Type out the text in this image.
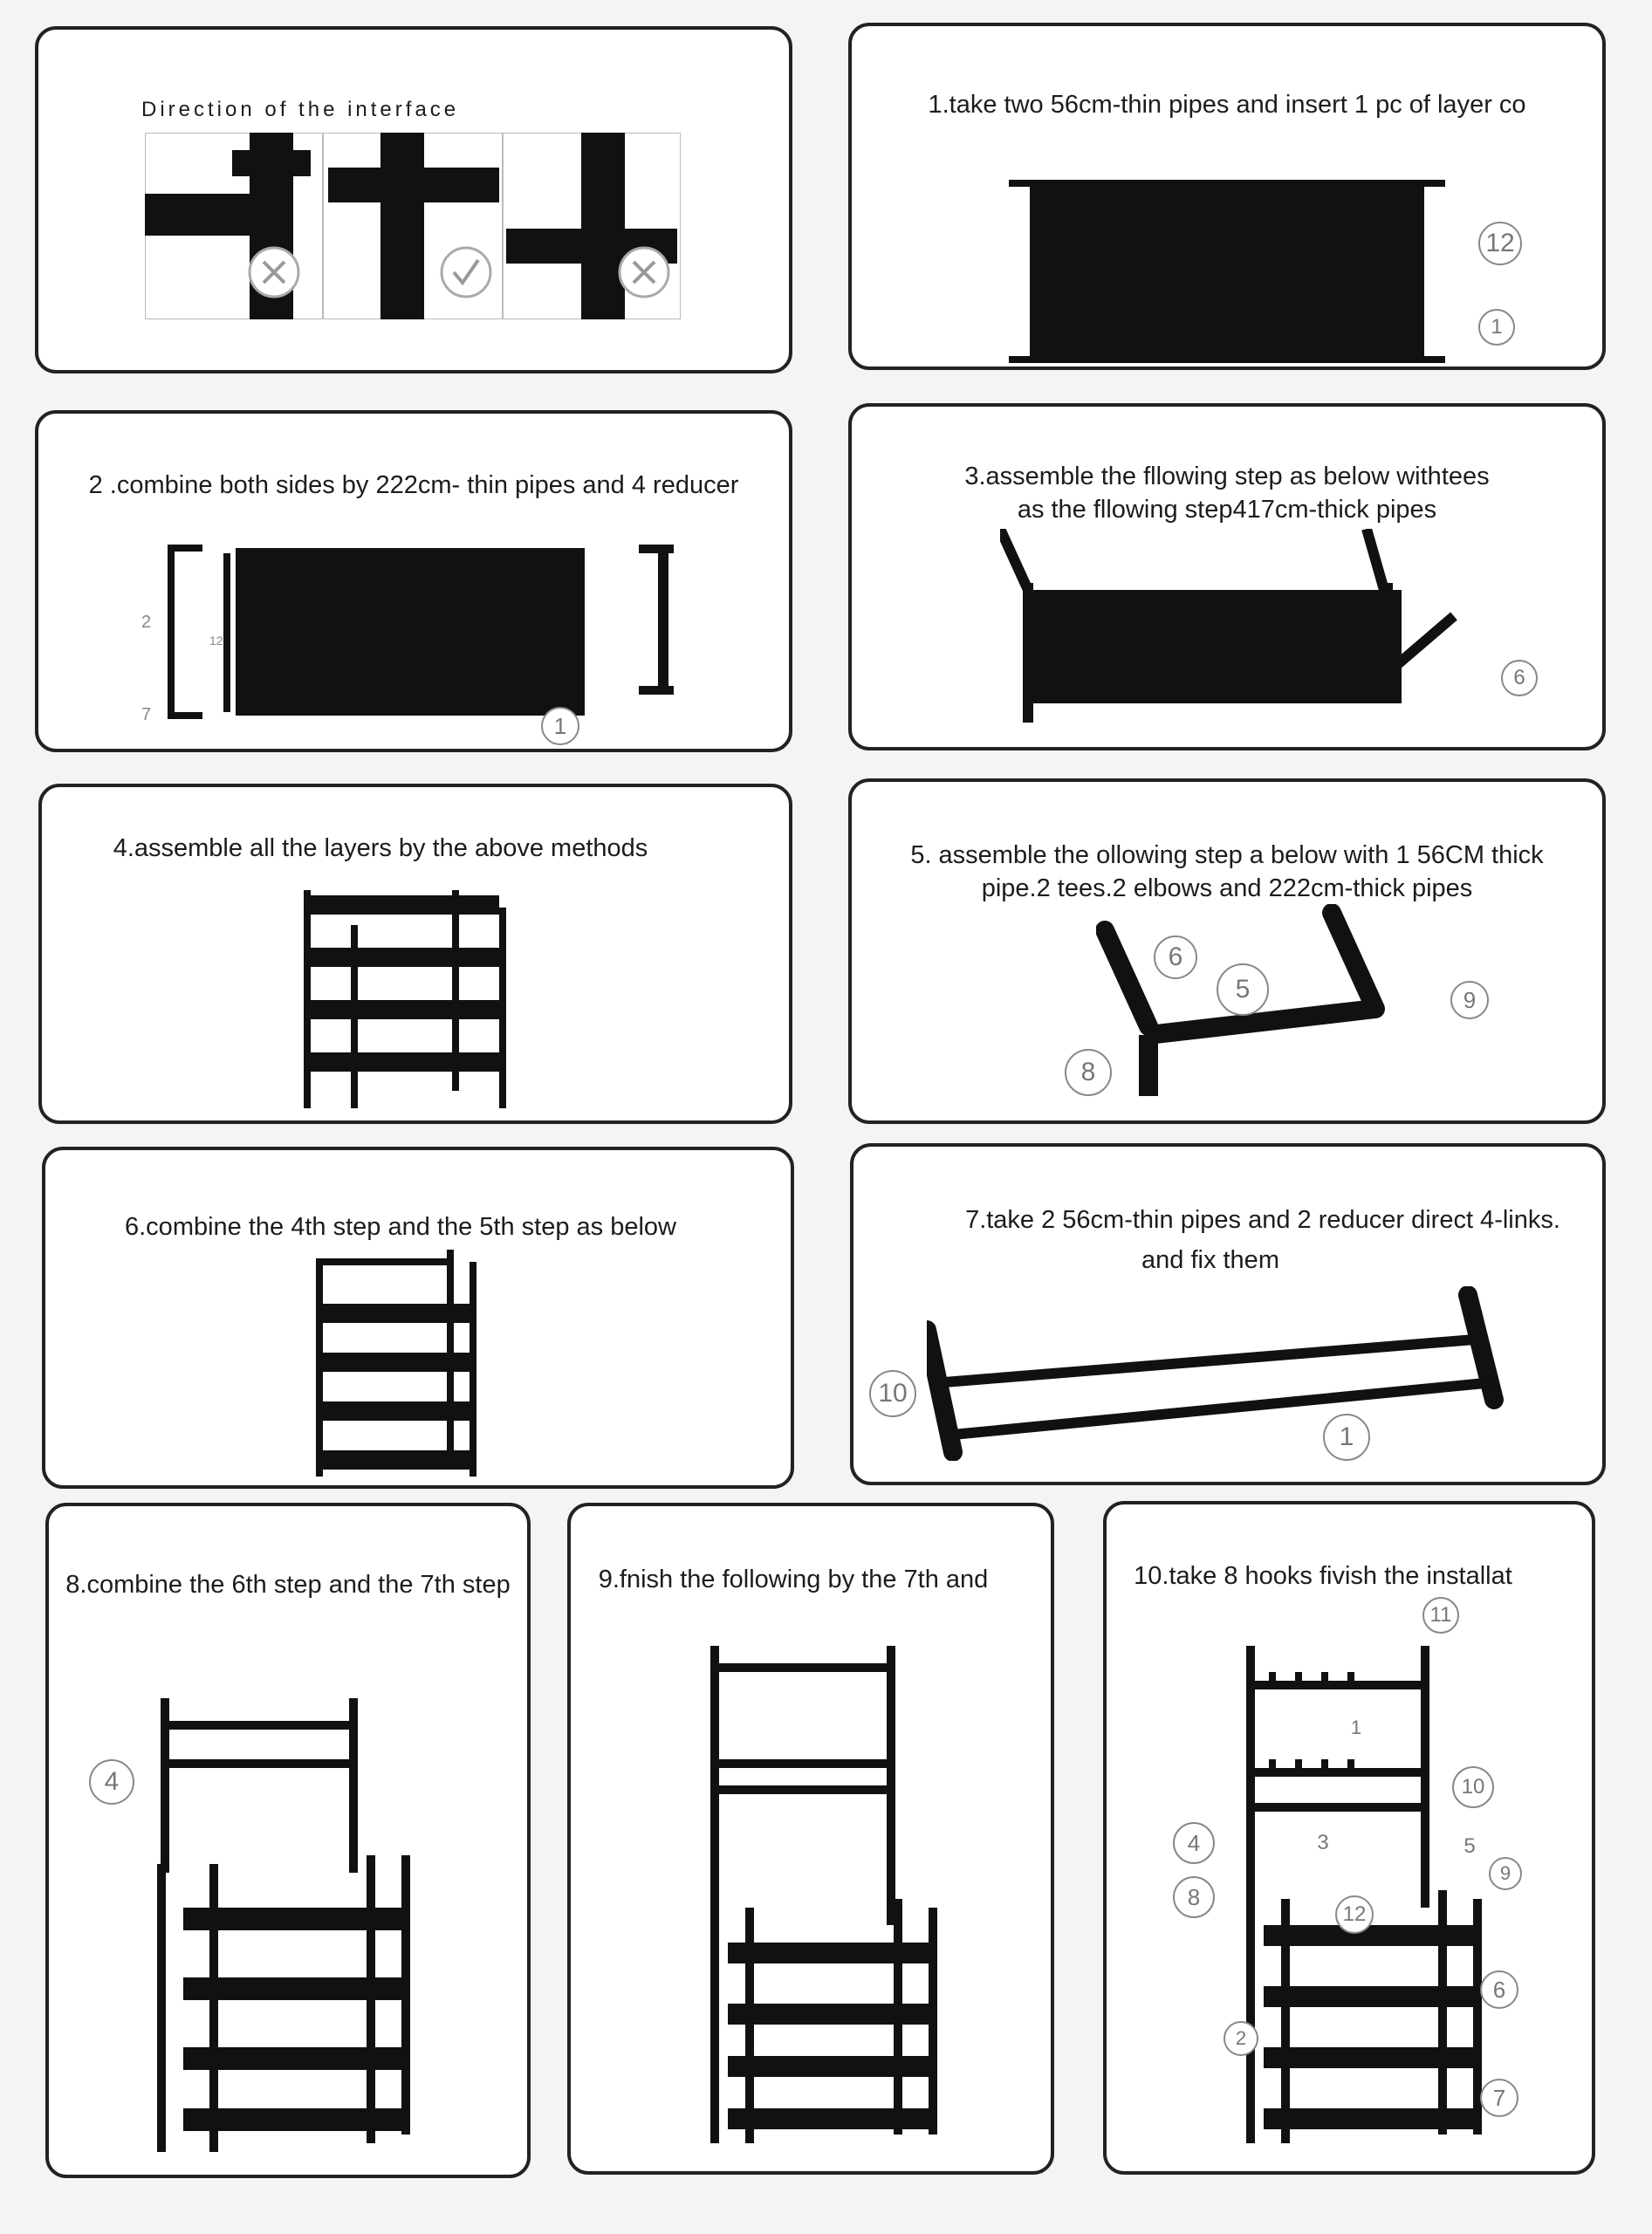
Direction of the interface	1.take two 56cm-thin pipes and insert 1 pc of layer co
12
1
2 .combine both sides by 222cm- thin pipes and 4 reducer
2
12
7	1
3.assemble the fllowing step as below withtees
as the fllowing step417cm-thick pipes
6
4.assemble all the layers by the above methods	5. assemble the ollowing step a below with 1 56CM thick
pipe.2 tees.2 elbows and 222cm-thick pipes
6
5	9
8
6.combine the 4th step and the 5th step as below	7.take 2 56cm-thin pipes and 2 reducer direct 4-links.
and fix them
10
1
8.combine the 6th step and the 7th step
4
9.fnish the following by the 7th and	10.take 8 hooks fivish the installat
11
1
10
4	3	5
9
8
12
6
2
7
